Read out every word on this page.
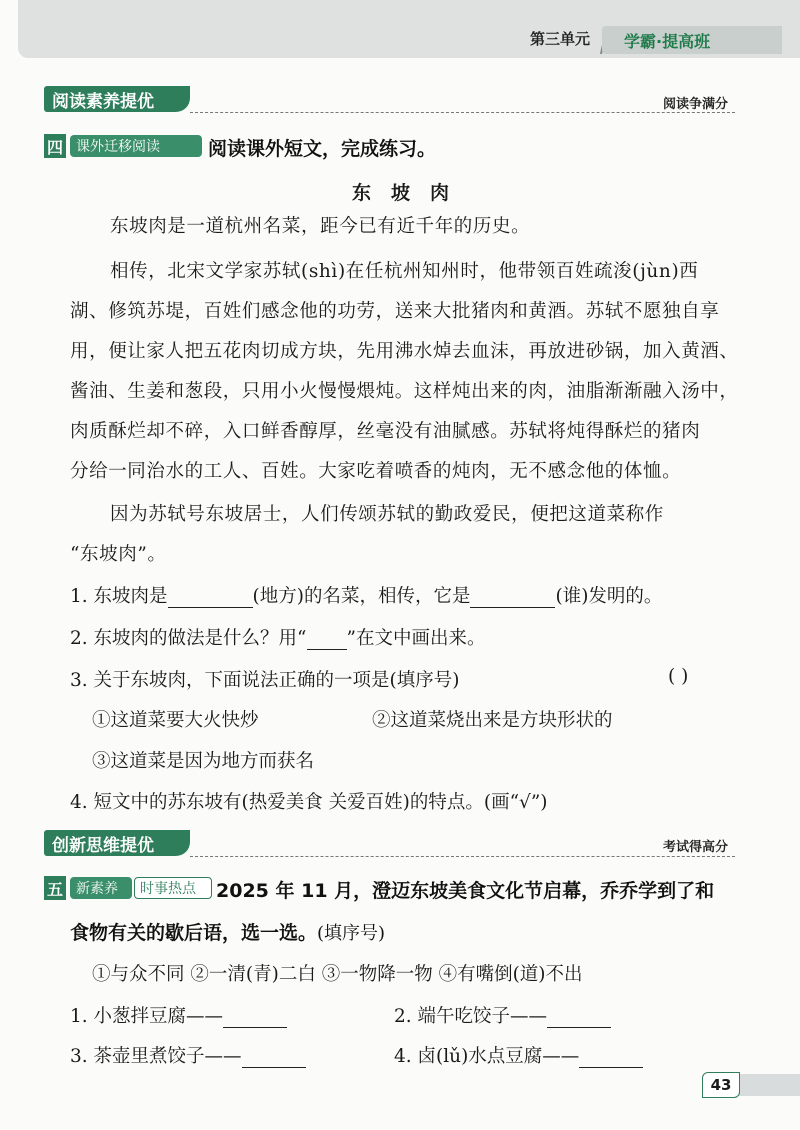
第三单元	学霸·提高班
阅读素养提优	阅读争满分
四 课外迁移阅读	阅读课外短文，完成练习。
东坡肉
东坡肉是一道杭州名菜，距今已有近千年的历史。
相传，北宋文学家苏轼(shì)在任杭州知州时，他带领百姓疏浚(jùn)西
湖、修筑苏堤，百姓们感念他的功劳，送来大批猪肉和黄酒。苏轼不愿独自享
用，便让家人把五花肉切成方块，先用沸水焯去血沫，再放进砂锅，加入黄酒、
酱油、生姜和葱段，只用小火慢慢煨炖。这样炖出来的肉，油脂渐渐融入汤中，
肉质酥烂却不碎，入口鲜香醇厚，丝毫没有油腻感。苏轼将炖得酥烂的猪肉
分给一同治水的工人、百姓。大家吃着喷香的炖肉，无不感念他的体恤。
因为苏轼号东坡居士，人们传颂苏轼的勤政爱民，便把这道菜称作
“东坡肉”。
1. 东坡肉是	(地方)的名菜，相传，它是	(谁)发明的。
2. 东坡肉的做法是什么？用“ ”在文中画出来。
3. 关于东坡肉，下面说法正确的一项是(填序号)	( )
①这道菜要大火快炒	②这道菜烧出来是方块形状的
③这道菜是因为地方而获名
4. 短文中的苏东坡有(热爱美食 关爱百姓)的特点。(画“√”)
创新思维提优	考试得高分
五 新素养	时事热点	2025 年 11 月，澄迈东坡美食文化节启幕，乔乔学到了和
食物有关的歇后语，选一选。(填序号)
①与众不同 ②一清(青)二白 ③一物降一物 ④有嘴倒(道)不出
1. 小葱拌豆腐——	2. 端午吃饺子——
3. 茶壶里煮饺子——	4. 卤(lǔ)水点豆腐——
43
